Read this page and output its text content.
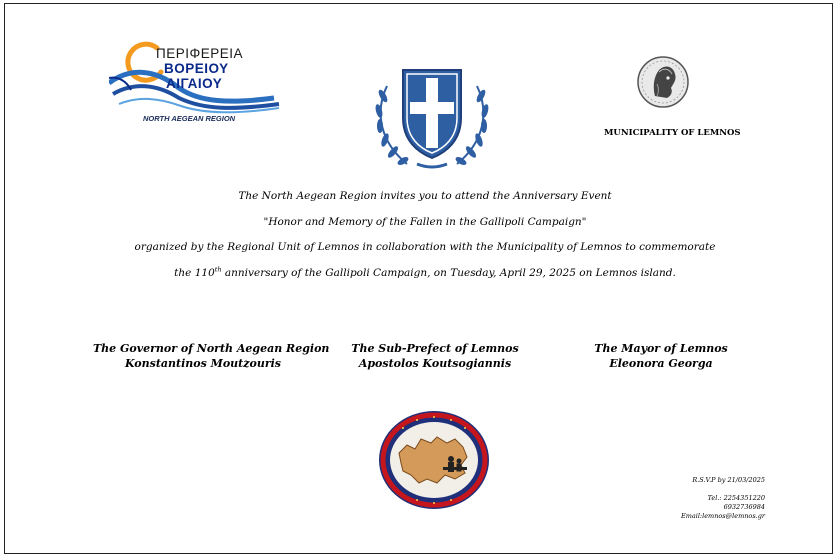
ΠΕΡΙΦΕΡΕΙΑ
ΒΟΡΕΙΟΥ
ΑΙΓΑΙΟΥ
NORTH AEGEAN REGION
MUNICIPALITY OF LEMNOS
The North Aegean Region invites you to attend the Anniversary Event
"Honor and Memory of the Fallen in the Gallipoli Campaign"
organized by the Regional Unit of Lemnos in collaboration with the Municipality of Lemnos to commemorate
the 110th anniversary of the Gallipoli Campaign, on Tuesday, April 29, 2025 on Lemnos island.
The Governor of North Aegean Region
Konstantinos Moutzouris
The Sub-Prefect of Lemnos
Apostolos Koutsogiannis
The Mayor of Lemnos
Eleonora Georga
R.S.V.P by 21/03/2025
Tel.: 2254351220
6932736984
Email:lemnos@lemnos.gr
